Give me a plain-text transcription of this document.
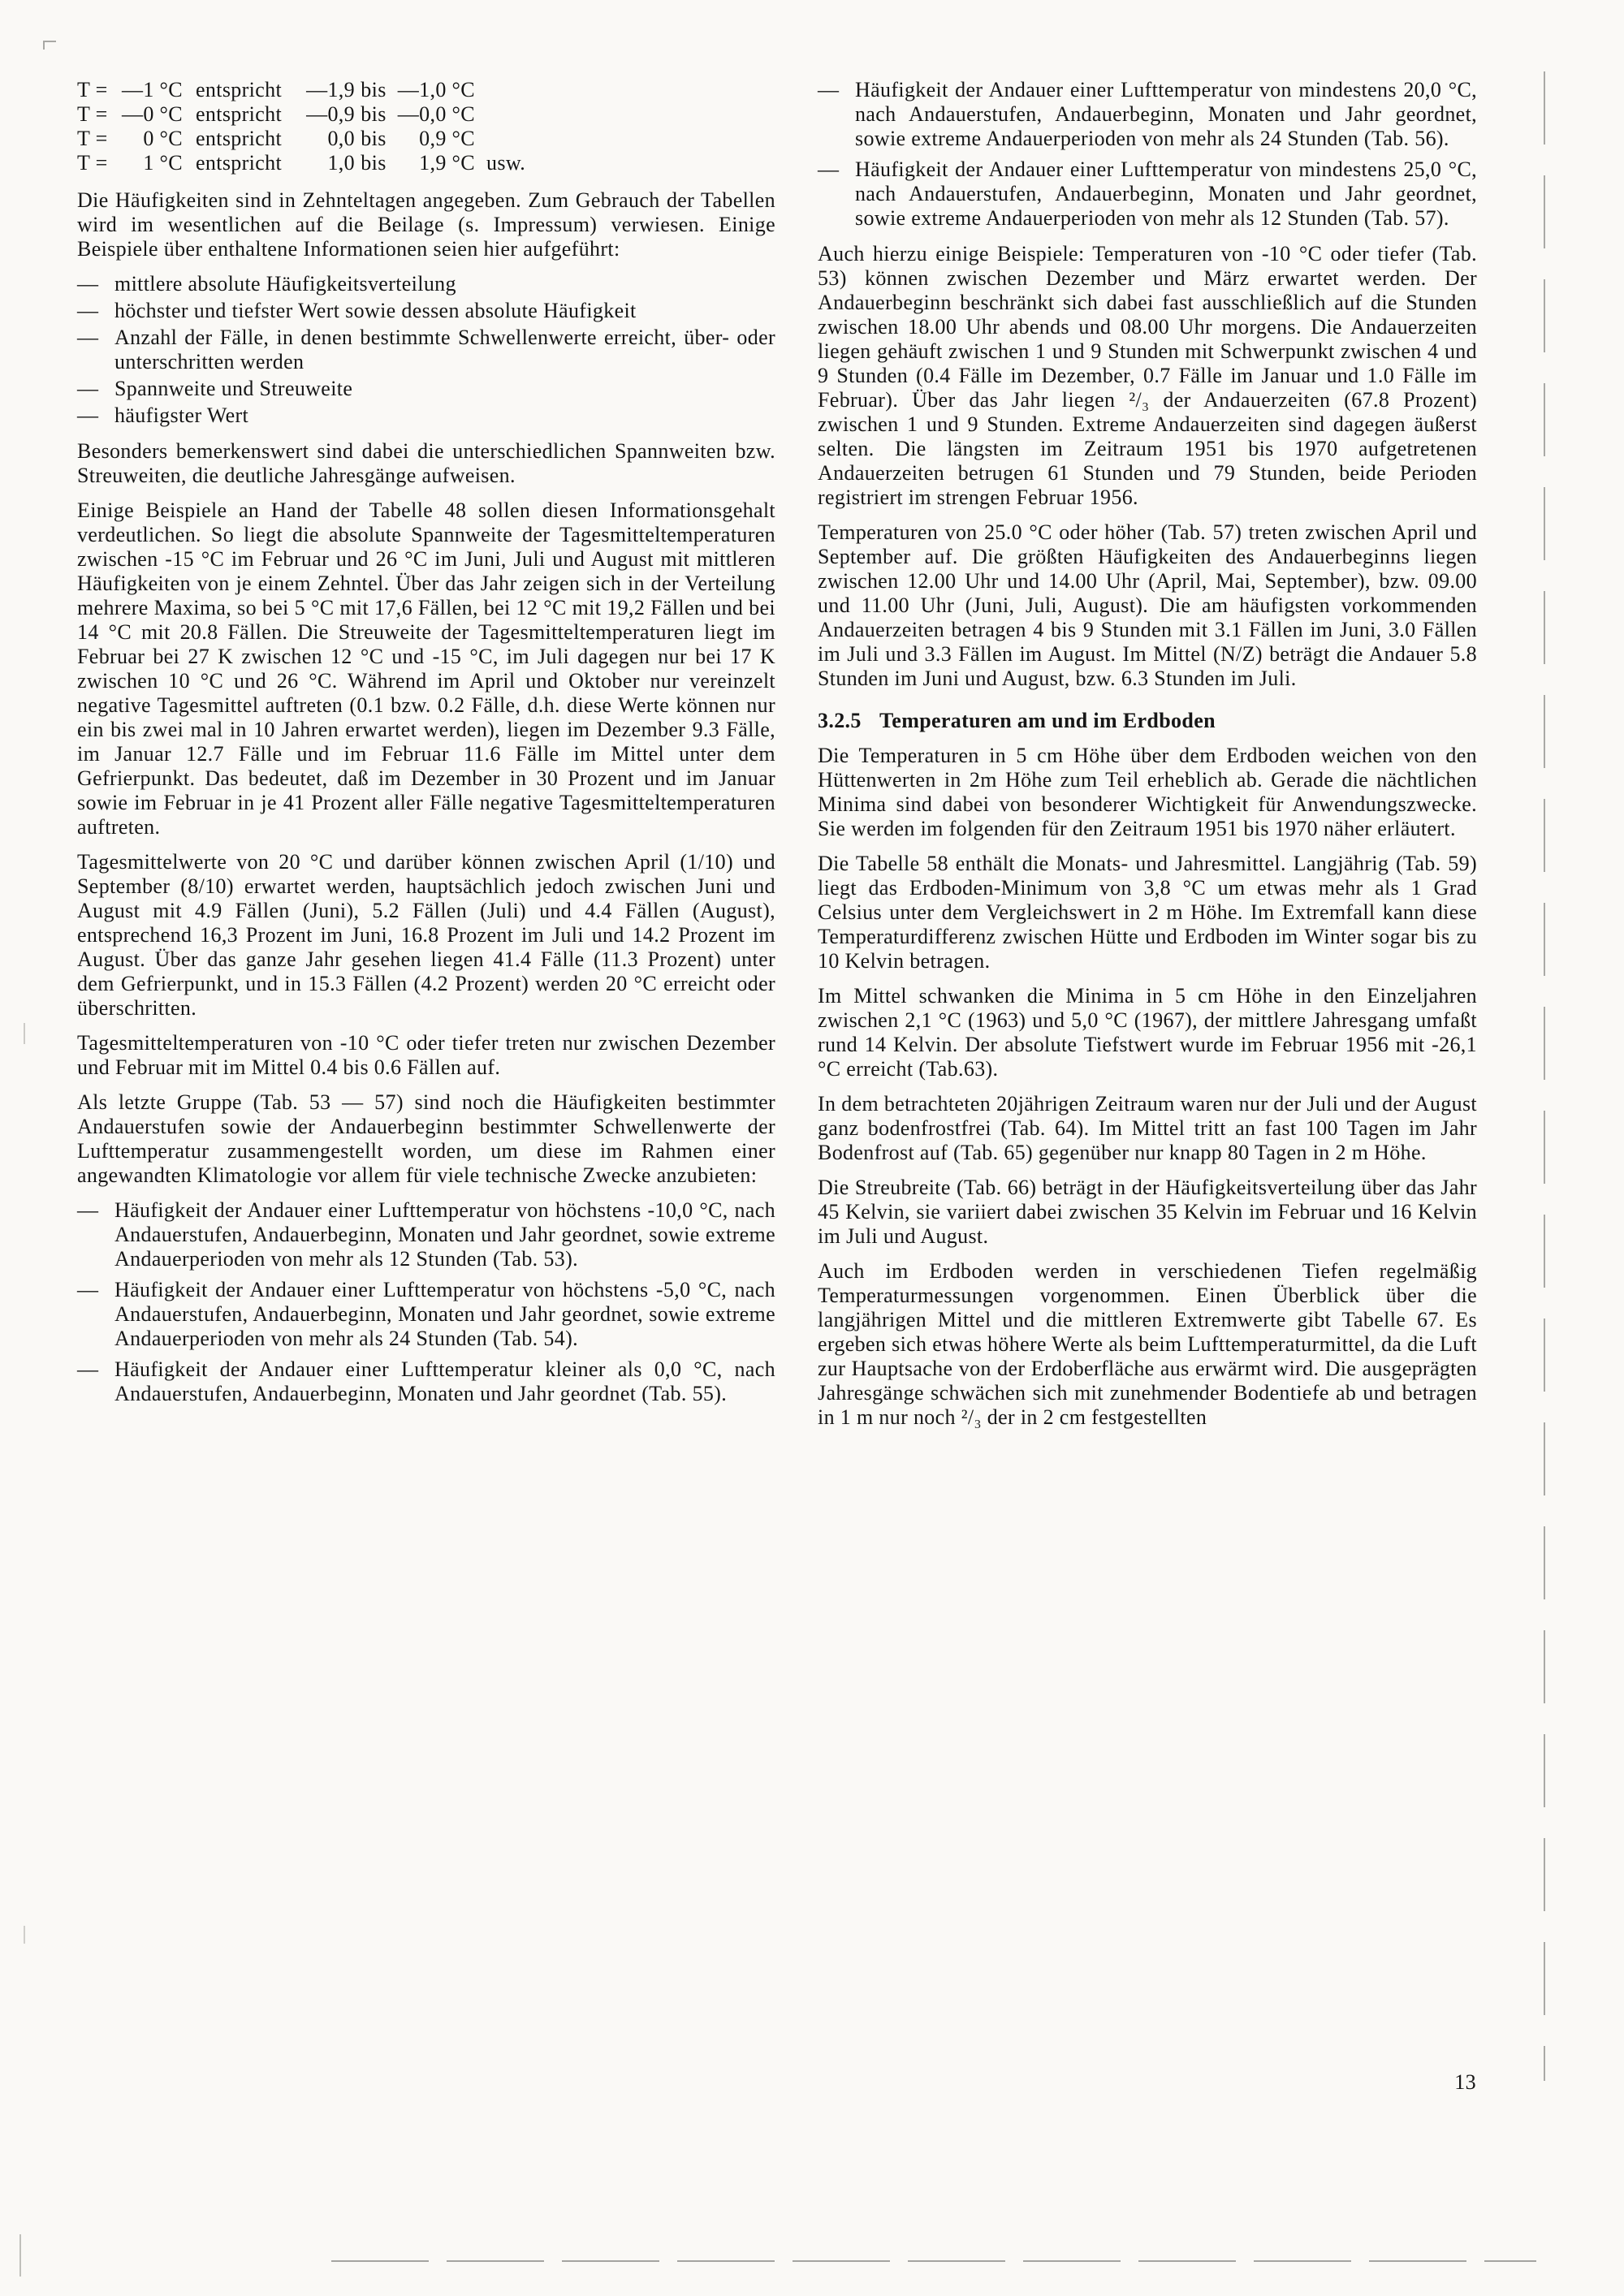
T = —1 °C entspricht	—1,9 bis —1,0 °C
T = —0 °C entspricht	—0,9 bis —0,0 °C
T =	0 °C entspricht	0,0 bis	0,9 °C
T =	1 °C entspricht	1,0 bis	1,9 °C usw.

Die Häufigkeiten sind in Zehnteltagen angegeben. Zum Gebrauch der Tabellen wird im wesentlichen auf die Beilage (s. Impressum) verwiesen. Einige Beispiele über enthaltene Informationen seien hier aufgeführt:

— mittlere absolute Häufigkeitsverteilung
— höchster und tiefster Wert sowie dessen absolute Häufigkeit
— Anzahl der Fälle, in denen bestimmte Schwellenwerte erreicht, über- oder unterschritten werden
— Spannweite und Streuweite
— häufigster Wert

Besonders bemerkenswert sind dabei die unterschiedlichen Spannweiten bzw. Streuweiten, die deutliche Jahresgänge aufweisen.

Einige Beispiele an Hand der Tabelle 48 sollen diesen Informationsgehalt verdeutlichen. So liegt die absolute Spannweite der Tagesmitteltemperaturen zwischen -15 °C im Februar und 26 °C im Juni, Juli und August mit mittleren Häufigkeiten von je einem Zehntel. Über das Jahr zeigen sich in der Verteilung mehrere Maxima, so bei 5 °C mit 17,6 Fällen, bei 12 °C mit 19,2 Fällen und bei 14 °C mit 20.8 Fällen. Die Streuweite der Tagesmitteltemperaturen liegt im Februar bei 27 K zwischen 12 °C und -15 °C, im Juli dagegen nur bei 17 K zwischen 10 °C und 26 °C. Während im April und Oktober nur vereinzelt negative Tagesmittel auftreten (0.1 bzw. 0.2 Fälle, d.h. diese Werte können nur ein bis zwei mal in 10 Jahren erwartet werden), liegen im Dezember 9.3 Fälle, im Januar 12.7 Fälle und im Februar 11.6 Fälle im Mittel unter dem Gefrierpunkt. Das bedeutet, daß im Dezember in 30 Prozent und im Januar sowie im Februar in je 41 Prozent aller Fälle negative Tagesmitteltemperaturen auftreten.

Tagesmittelwerte von 20 °C und darüber können zwischen April (1/10) und September (8/10) erwartet werden, hauptsächlich jedoch zwischen Juni und August mit 4.9 Fällen (Juni), 5.2 Fällen (Juli) und 4.4 Fällen (August), entsprechend 16,3 Prozent im Juni, 16.8 Prozent im Juli und 14.2 Prozent im August. Über das ganze Jahr gesehen liegen 41.4 Fälle (11.3 Prozent) unter dem Gefrierpunkt, und in 15.3 Fällen (4.2 Prozent) werden 20 °C erreicht oder überschritten.

Tagesmitteltemperaturen von -10 °C oder tiefer treten nur zwischen Dezember und Februar mit im Mittel 0.4 bis 0.6 Fällen auf.

Als letzte Gruppe (Tab. 53 — 57) sind noch die Häufigkeiten bestimmter Andauerstufen sowie der Andauerbeginn bestimmter Schwellenwerte der Lufttemperatur zusammengestellt worden, um diese im Rahmen einer angewandten Klimatologie vor allem für viele technische Zwecke anzubieten:

— Häufigkeit der Andauer einer Lufttemperatur von höchstens -10,0 °C, nach Andauerstufen, Andauerbeginn, Monaten und Jahr geordnet, sowie extreme Andauerperioden von mehr als 12 Stunden (Tab. 53).
— Häufigkeit der Andauer einer Lufttemperatur von höchstens -5,0 °C, nach Andauerstufen, Andauerbeginn, Monaten und Jahr geordnet, sowie extreme Andauerperioden von mehr als 24 Stunden (Tab. 54).
— Häufigkeit der Andauer einer Lufttemperatur kleiner als 0,0 °C, nach Andauerstufen, Andauerbeginn, Monaten und Jahr geordnet (Tab. 55).
— Häufigkeit der Andauer einer Lufttemperatur von mindestens 20,0 °C, nach Andauerstufen, Andauerbeginn, Monaten und Jahr geordnet, sowie extreme Andauerperioden von mehr als 24 Stunden (Tab. 56).
— Häufigkeit der Andauer einer Lufttemperatur von mindestens 25,0 °C, nach Andauerstufen, Andauerbeginn, Monaten und Jahr geordnet, sowie extreme Andauerperioden von mehr als 12 Stunden (Tab. 57).

Auch hierzu einige Beispiele: Temperaturen von -10 °C oder tiefer (Tab. 53) können zwischen Dezember und März erwartet werden. Der Andauerbeginn beschränkt sich dabei fast ausschließlich auf die Stunden zwischen 18.00 Uhr abends und 08.00 Uhr morgens. Die Andauerzeiten liegen gehäuft zwischen 1 und 9 Stunden mit Schwerpunkt zwischen 4 und 9 Stunden (0.4 Fälle im Dezember, 0.7 Fälle im Januar und 1.0 Fälle im Februar). Über das Jahr liegen ²/₃ der Andauerzeiten (67.8 Prozent) zwischen 1 und 9 Stunden. Extreme Andauerzeiten sind dagegen äußerst selten. Die längsten im Zeitraum 1951 bis 1970 aufgetretenen Andauerzeiten betrugen 61 Stunden und 79 Stunden, beide Perioden registriert im strengen Februar 1956.

Temperaturen von 25.0 °C oder höher (Tab. 57) treten zwischen April und September auf. Die größten Häufigkeiten des Andauerbeginns liegen zwischen 12.00 Uhr und 14.00 Uhr (April, Mai, September), bzw. 09.00 und 11.00 Uhr (Juni, Juli, August). Die am häufigsten vorkommenden Andauerzeiten betragen 4 bis 9 Stunden mit 3.1 Fällen im Juni, 3.0 Fällen im Juli und 3.3 Fällen im August. Im Mittel (N/Z) beträgt die Andauer 5.8 Stunden im Juni und August, bzw. 6.3 Stunden im Juli.

3.2.5 Temperaturen am und im Erdboden

Die Temperaturen in 5 cm Höhe über dem Erdboden weichen von den Hüttenwerten in 2m Höhe zum Teil erheblich ab. Gerade die nächtlichen Minima sind dabei von besonderer Wichtigkeit für Anwendungszwecke. Sie werden im folgenden für den Zeitraum 1951 bis 1970 näher erläutert.

Die Tabelle 58 enthält die Monats- und Jahresmittel. Langjährig (Tab. 59) liegt das Erdboden-Minimum von 3,8 °C um etwas mehr als 1 Grad Celsius unter dem Vergleichswert in 2 m Höhe. Im Extremfall kann diese Temperaturdifferenz zwischen Hütte und Erdboden im Winter sogar bis zu 10 Kelvin betragen.

Im Mittel schwanken die Minima in 5 cm Höhe in den Einzeljahren zwischen 2,1 °C (1963) und 5,0 °C (1967), der mittlere Jahresgang umfaßt rund 14 Kelvin. Der absolute Tiefstwert wurde im Februar 1956 mit -26,1 °C erreicht (Tab.63).

In dem betrachteten 20jährigen Zeitraum waren nur der Juli und der August ganz bodenfrostfrei (Tab. 64). Im Mittel tritt an fast 100 Tagen im Jahr Bodenfrost auf (Tab. 65) gegenüber nur knapp 80 Tagen in 2 m Höhe.

Die Streubreite (Tab. 66) beträgt in der Häufigkeitsverteilung über das Jahr 45 Kelvin, sie variiert dabei zwischen 35 Kelvin im Februar und 16 Kelvin im Juli und August.

Auch im Erdboden werden in verschiedenen Tiefen regelmäßig Temperaturmessungen vorgenommen. Einen Überblick über die langjährigen Mittel und die mittleren Extremwerte gibt Tabelle 67. Es ergeben sich etwas höhere Werte als beim Lufttemperaturmittel, da die Luft zur Hauptsache von der Erdoberfläche aus erwärmt wird. Die ausgeprägten Jahresgänge schwächen sich mit zunehmender Bodentiefe ab und betragen in 1 m nur noch ²/₃ der in 2 cm festgestellten

13
